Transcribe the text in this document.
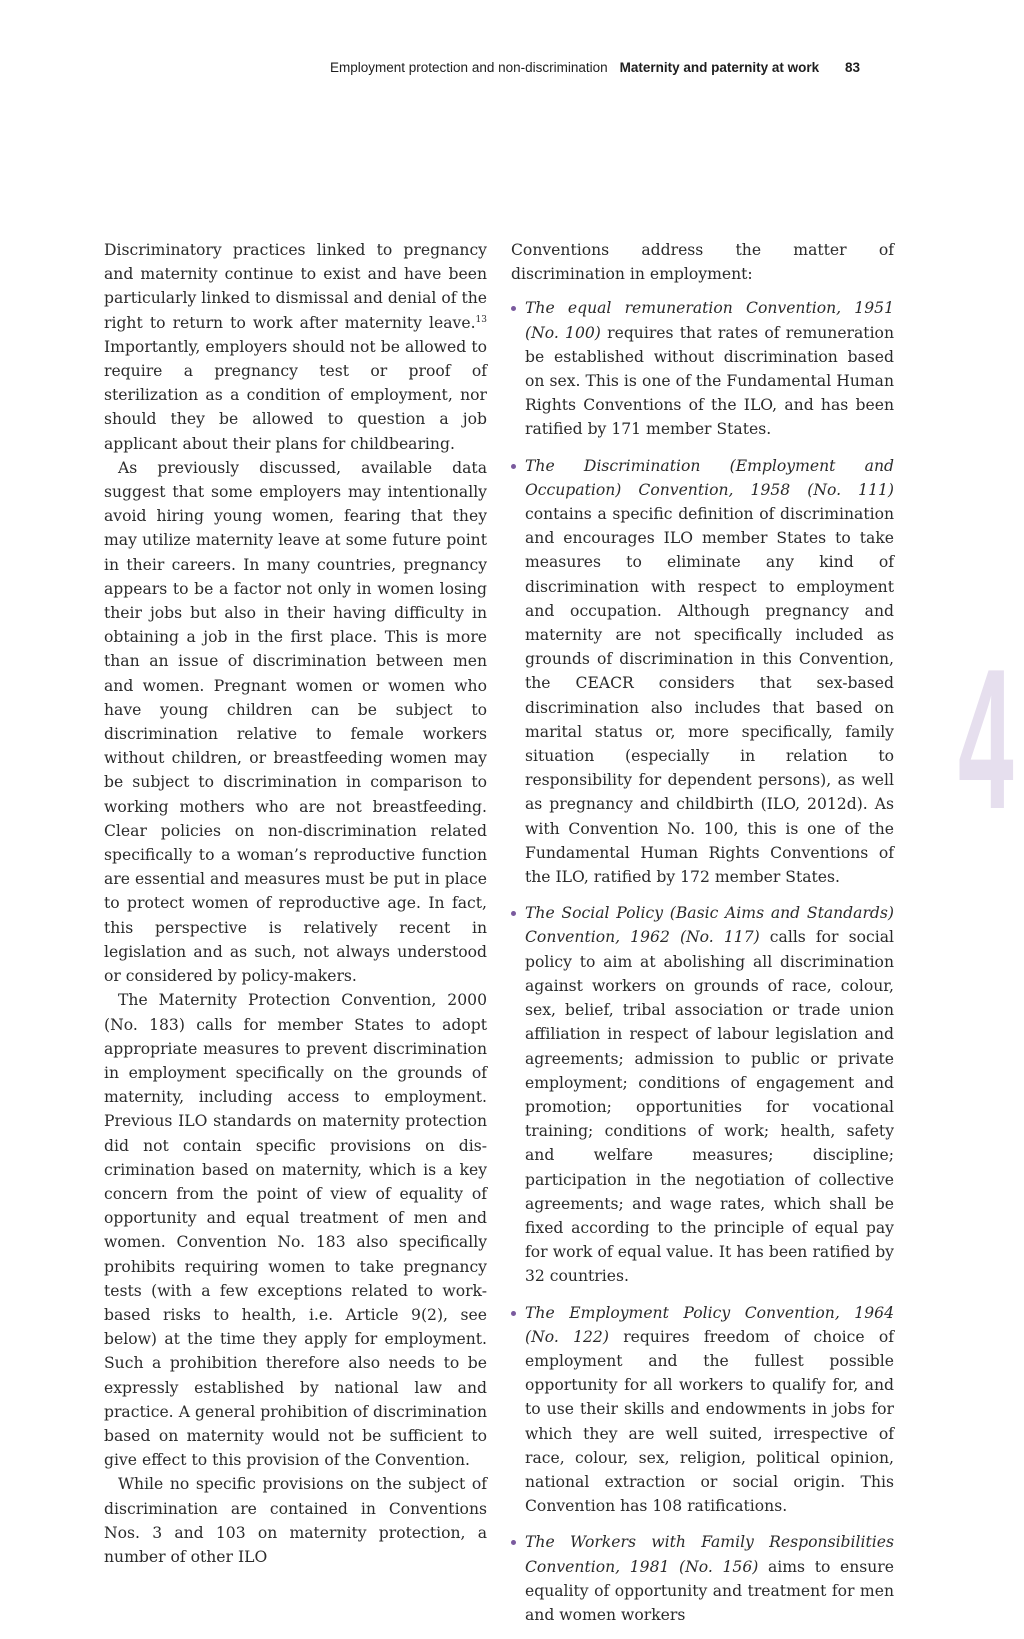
Employment protection and non-discrimination Maternity and paternity at work 83

Discriminatory practices linked to pregnancy and maternity continue to exist and have been particularly linked to dismissal and denial of the right to return to work after maternity leave.$^{13}$ Importantly, employers should not be allowed to require a pregnancy test or proof of sterilization as a condition of employment, nor should they be allowed to question a job applicant about their plans for childbearing.

As previously discussed, available data suggest that some employers may intentionally avoid hiring young women, fearing that they may utilize maternity leave at some future point in their careers. In many countries, pregnancy appears to be a factor not only in women losing their jobs but also in their having difficulty in obtaining a job in the first place. This is more than an issue of discrimination between men and women. Pregnant women or women who have young children can be subject to discrimination relative to female workers without children, or breastfeeding women may be subject to discrimination in comparison to working mothers who are not breastfeeding. Clear policies on non-discrimination related specifically to a woman’s reproductive function are essential and measures must be put in place to protect women of reproductive age. In fact, this perspective is relatively recent in legislation and as such, not always understood or considered by policy-makers.

The Maternity Protection Convention, 2000 (No. 183) calls for member States to adopt appropriate measures to prevent discrimination in employment specifically on the grounds of maternity, including access to employment. Previous ILO standards on maternity protection did not contain specific provisions on discrimination based on maternity, which is a key concern from the point of view of equality of opportunity and equal treatment of men and women. Convention No. 183 also specifically prohibits requiring women to take pregnancy tests (with a few exceptions related to work-based risks to health, i.e. Article 9(2), see below) at the time they apply for employment. Such a prohibition therefore also needs to be expressly established by national law and practice. A general prohibition of discrimination based on maternity would not be sufficient to give effect to this provision of the Convention.

While no specific provisions on the subject of discrimination are contained in Conventions Nos. 3 and 103 on maternity protection, a number of other ILO

Conventions address the matter of discrimination in employment:

The equal remuneration Convention, 1951 (No. 100) requires that rates of remuneration be established without discrimination based on sex. This is one of the Fundamental Human Rights Conventions of the ILO, and has been ratified by 171 member States.
The Discrimination (Employment and Occupation) Convention, 1958 (No. 111) contains a specific definition of discrimination and encourages ILO member States to take measures to eliminate any kind of discrimination with respect to employment and occupation. Although pregnancy and maternity are not specifically included as grounds of discrimination in this Convention, the CEACR considers that sex-based discrimination also includes that based on marital status or, more specifically, family situation (especially in relation to responsibility for dependent persons), as well as pregnancy and childbirth (ILO, 2012d). As with Convention No. 100, this is one of the Fundamental Human Rights Conventions of the ILO, ratified by 172 member States.
The Social Policy (Basic Aims and Standards) Convention, 1962 (No. 117) calls for social policy to aim at abolishing all discrimination against workers on grounds of race, colour, sex, belief, tribal association or trade union affiliation in respect of labour legislation and agreements; admission to public or private employment; conditions of engagement and promotion; opportunities for vocational training; conditions of work; health, safety and welfare measures; discipline; participation in the negotiation of collective agreements; and wage rates, which shall be fixed according to the principle of equal pay for work of equal value. It has been ratified by 32 countries.
The Employment Policy Convention, 1964 (No. 122) requires freedom of choice of employment and the fullest possible opportunity for all workers to qualify for, and to use their skills and endowments in jobs for which they are well suited, irrespective of race, colour, sex, religion, political opinion, national extraction or social origin. This Convention has 108 ratifications.
The Workers with Family Responsibilities Convention, 1981 (No. 156) aims to ensure equality of opportunity and treatment for men and women workers
4
